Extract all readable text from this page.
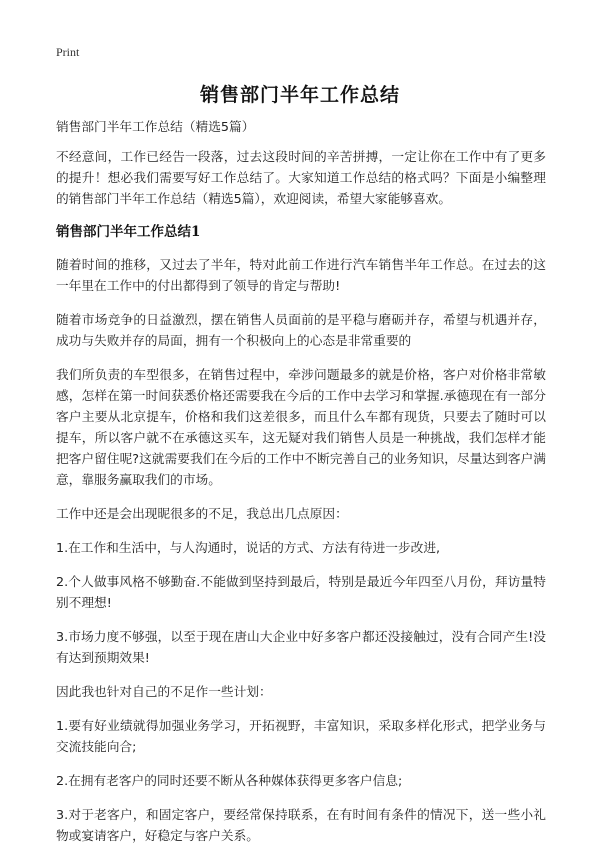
Print
销售部门半年工作总结

销售部门半年工作总结（精选5篇）

不经意间，工作已经告一段落，过去这段时间的辛苦拼搏，一定让你在工作中有了更多的提升！想必我们需要写好工作总结了。大家知道工作总结的格式吗？下面是小编整理的销售部门半年工作总结（精选5篇），欢迎阅读，希望大家能够喜欢。

销售部门半年工作总结1

随着时间的推移，又过去了半年，特对此前工作进行汽车销售半年工作总。在过去的这一年里在工作中的付出都得到了领导的肯定与帮助!

随着市场竞争的日益激烈，摆在销售人员面前的是平稳与磨砺并存，希望与机遇并存，成功与失败并存的局面，拥有一个积极向上的心态是非常重要的

我们所负责的车型很多，在销售过程中，牵涉问题最多的就是价格，客户对价格非常敏感，怎样在第一时间获悉价格还需要我在今后的工作中去学习和掌握.承德现在有一部分客户主要从北京提车，价格和我们这差很多，而且什么车都有现货，只要去了随时可以提车，所以客户就不在承德这买车，这无疑对我们销售人员是一种挑战，我们怎样才能把客户留住呢?这就需要我们在今后的工作中不断完善自己的业务知识，尽量达到客户满意，靠服务赢取我们的市场。

工作中还是会出现昵很多的不足，我总出几点原因：

1.在工作和生活中，与人沟通时，说话的方式、方法有待进一步改进,

2.个人做事风格不够勤奋.不能做到坚持到最后，特别是最近今年四至八月份，拜访量特别不理想!

3.市场力度不够强，以至于现在唐山大企业中好多客户都还没接触过，没有合同产生!没有达到预期效果!

因此我也针对自己的不足作一些计划：

1.要有好业绩就得加强业务学习，开拓视野，丰富知识，采取多样化形式，把学业务与交流技能向合;

2.在拥有老客户的同时还要不断从各种媒体获得更多客户信息;

3.对于老客户，和固定客户，要经常保持联系，在有时间有条件的情况下，送一些小礼物或宴请客户，好稳定与客户关系。
